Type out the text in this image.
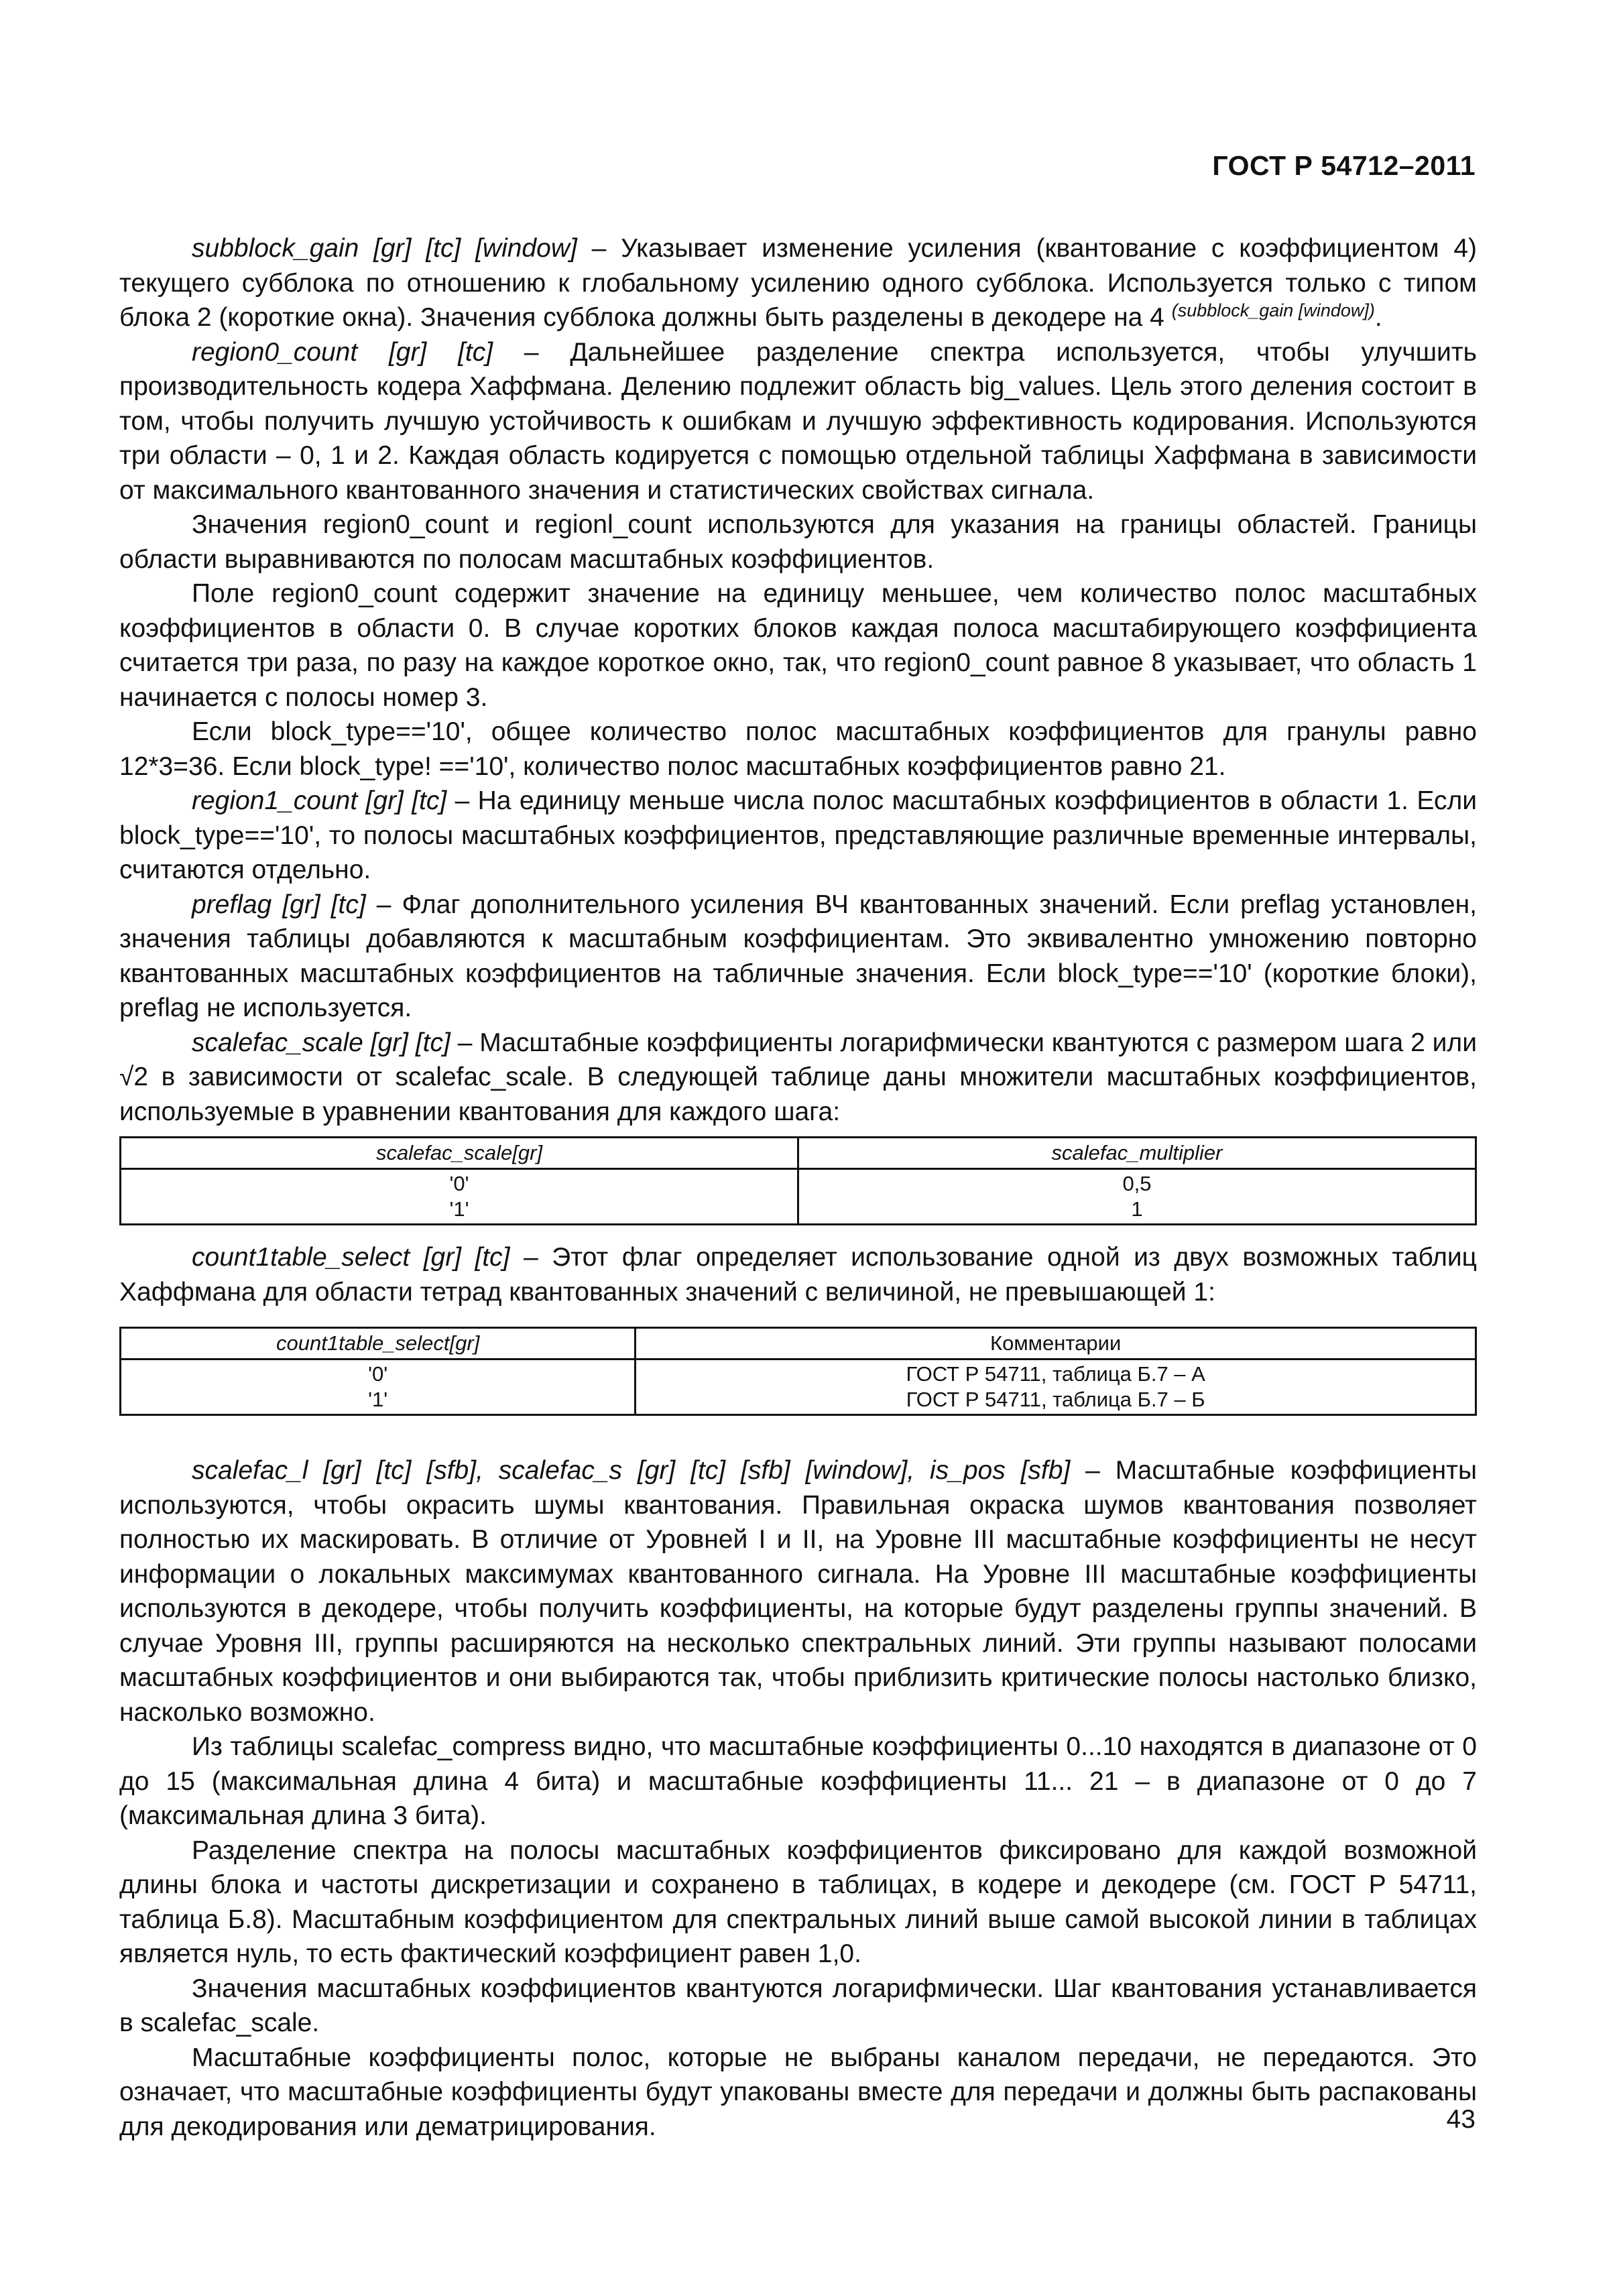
ГОСТ Р 54712–2011

subblock_gain [gr] [tc] [window] – Указывает изменение усиления (квантование с коэффициентом 4) текущего субблока по отношению к глобальному усилению одного субблока. Используется только с типом блока 2 (короткие окна). Значения субблока должны быть разделены в декодере на 4 $^{(subblock\_gain [window])}$.

region0_count [gr] [tc] – Дальнейшее разделение спектра используется, чтобы улучшить производительность кодера Хаффмана. Делению подлежит область big_values. Цель этого деления состоит в том, чтобы получить лучшую устойчивость к ошибкам и лучшую эффективность кодирования. Используются три области – 0, 1 и 2. Каждая область кодируется с помощью отдельной таблицы Хаффмана в зависимости от максимального квантованного значения и статистических свойствах сигнала.

Значения region0_count и regionl_count используются для указания на границы областей. Границы области выравниваются по полосам масштабных коэффициентов.

Поле region0_count содержит значение на единицу меньшее, чем количество полос масштабных коэффициентов в области 0. В случае коротких блоков каждая полоса масштабирующего коэффициента считается три раза, по разу на каждое короткое окно, так, что region0_count равное 8 указывает, что область 1 начинается с полосы номер 3.

Если block_type=='10', общее количество полос масштабных коэффициентов для гранулы равно 12*3=36. Если block_type! =='10', количество полос масштабных коэффициентов равно 21.

region1_count [gr] [tc] – На единицу меньше числа полос масштабных коэффициентов в области 1. Если block_type=='10', то полосы масштабных коэффициентов, представляющие различные временные интервалы, считаются отдельно.

preflag [gr] [tc] – Флаг дополнительного усиления ВЧ квантованных значений. Если preflag установлен, значения таблицы добавляются к масштабным коэффициентам. Это эквивалентно умножению повторно квантованных масштабных коэффициентов на табличные значения. Если block_type=='10' (короткие блоки), preflag не используется.

scalefac_scale [gr] [tc] – Масштабные коэффициенты логарифмически квантуются с размером шага 2 или √2 в зависимости от scalefac_scale. В следующей таблице даны множители масштабных коэффициентов, используемые в уравнении квантования для каждого шага:

scalefac_scale[gr]	scalefac_multiplier
'0'	0,5
'1'	1

count1table_select [gr] [tc] – Этот флаг определяет использование одной из двух возможных таблиц Хаффмана для области тетрад квантованных значений с величиной, не превышающей 1:

count1table_select[gr]	Комментарии
'0'	ГОСТ Р 54711, таблица Б.7 – А
'1'	ГОСТ Р 54711, таблица Б.7 – Б

scalefac_l [gr] [tc] [sfb], scalefac_s [gr] [tc] [sfb] [window], is_pos [sfb] – Масштабные коэффициенты используются, чтобы окрасить шумы квантования. Правильная окраска шумов квантования позволяет полностью их маскировать. В отличие от Уровней I и II, на Уровне III масштабные коэффициенты не несут информации о локальных максимумах квантованного сигнала. На Уровне III масштабные коэффициенты используются в декодере, чтобы получить коэффициенты, на которые будут разделены группы значений. В случае Уровня III, группы расширяются на несколько спектральных линий. Эти группы называют полосами масштабных коэффициентов и они выбираются так, чтобы приблизить критические полосы настолько близко, насколько возможно.

Из таблицы scalefac_compress видно, что масштабные коэффициенты 0...10 находятся в диапазоне от 0 до 15 (максимальная длина 4 бита) и масштабные коэффициенты 11... 21 – в диапазоне от 0 до 7 (максимальная длина 3 бита).

Разделение спектра на полосы масштабных коэффициентов фиксировано для каждой возможной длины блока и частоты дискретизации и сохранено в таблицах, в кодере и декодере (см. ГОСТ Р 54711, таблица Б.8). Масштабным коэффициентом для спектральных линий выше самой высокой линии в таблицах является нуль, то есть фактический коэффициент равен 1,0.

Значения масштабных коэффициентов квантуются логарифмически. Шаг квантования устанавливается в scalefac_scale.

Масштабные коэффициенты полос, которые не выбраны каналом передачи, не передаются. Это означает, что масштабные коэффициенты будут упакованы вместе для передачи и должны быть распакованы для декодирования или дематрицирования.	43
